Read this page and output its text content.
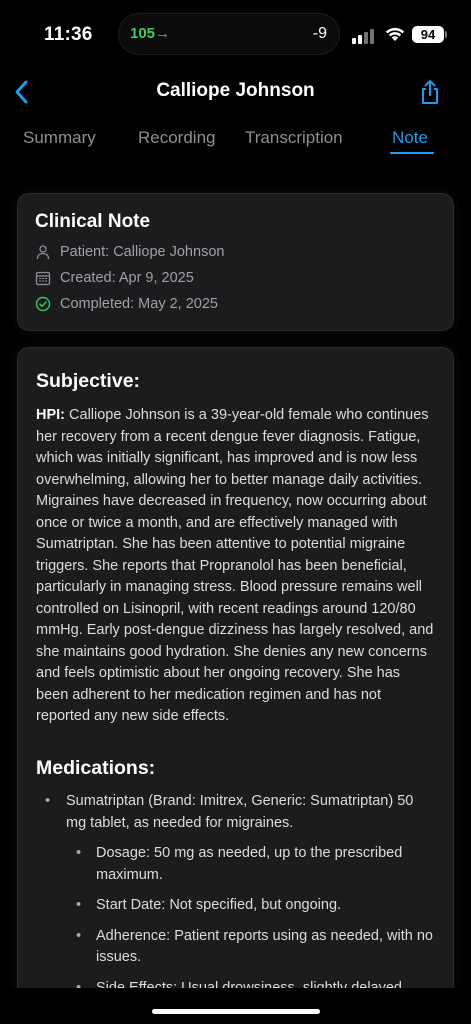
11:36 105→	-9	94
Calliope Johnson
Summary Recording Transcription	Note
Clinical Note
Patient: Calliope Johnson
Created: Apr 9, 2025
Completed: May 2, 2025
Subjective:

HPI: Calliope Johnson is a 39-year-old female who continues her recovery from a recent dengue fever diagnosis. Fatigue, which was initially significant, has improved and is now less overwhelming, allowing her to better manage daily activities. Migraines have decreased in frequency, now occurring about once or twice a month, and are effectively managed with Sumatriptan. She has been attentive to potential migraine triggers. She reports that Propranolol has been beneficial, particularly in managing stress. Blood pressure remains well controlled on Lisinopril, with recent readings around 120/80 mmHg. Early post-dengue dizziness has largely resolved, and she maintains good hydration. She denies any new concerns and feels optimistic about her ongoing recovery. She has been adherent to her medication regimen and has not reported any new side effects.

Medications:
• Sumatriptan (Brand: Imitrex, Generic: Sumatriptan) 50 mg tablet, as needed for migraines.
• Dosage: 50 mg as needed, up to the prescribed maximum.
• Start Date: Not specified, but ongoing.
• Adherence: Patient reports using as needed, with no issues.
